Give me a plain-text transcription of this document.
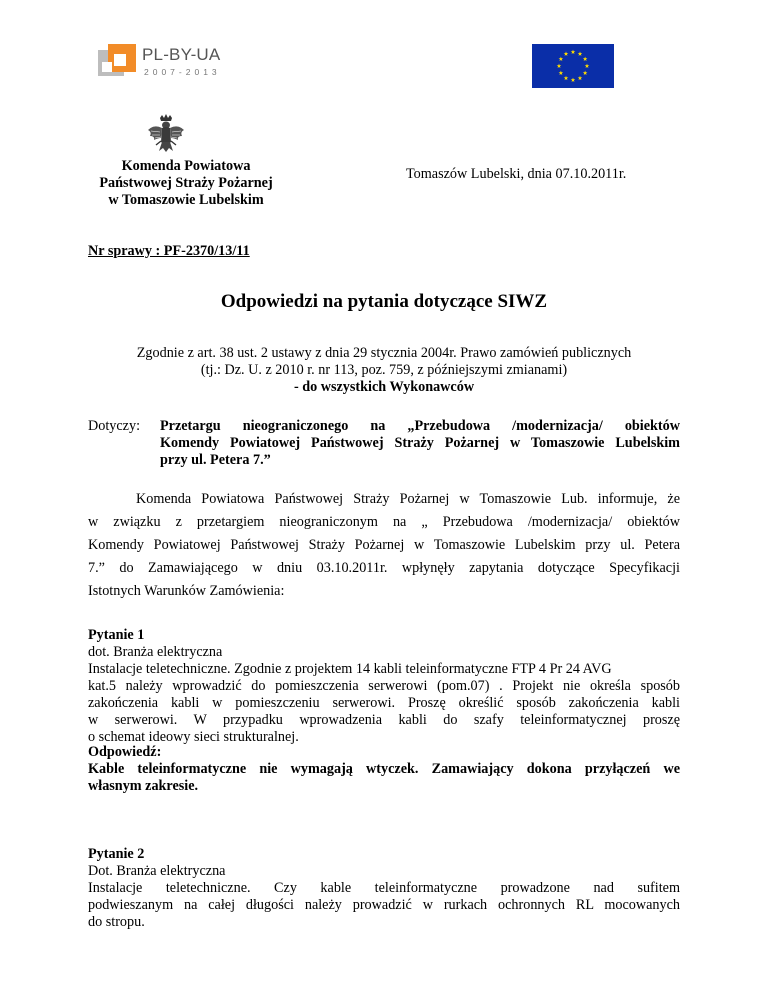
PL-BY-UA
2007-2013
Komenda Powiatowa
Państwowej Straży Pożarnej
w Tomaszowie Lubelskim
Tomaszów Lubelski, dnia 07.10.2011r.
Nr sprawy : PF-2370/13/11
Odpowiedzi na pytania dotyczące SIWZ
Zgodnie z art. 38 ust. 2 ustawy z dnia 29 stycznia 2004r. Prawo zamówień publicznych
(tj.: Dz. U. z 2010 r. nr 113, poz. 759, z późniejszymi zmianami)
- do wszystkich Wykonawców
Dotyczy: Przetargu nieograniczonego na „Przebudowa /modernizacja/ obiektów
Komendy Powiatowej Państwowej Straży Pożarnej w Tomaszowie Lubelskim
przy ul. Petera 7.”
Komenda Powiatowa Państwowej Straży Pożarnej w Tomaszowie Lub. informuje, że
w związku z przetargiem nieograniczonym na „ Przebudowa /modernizacja/ obiektów
Komendy Powiatowej Państwowej Straży Pożarnej w Tomaszowie Lubelskim przy ul. Petera
7.” do Zamawiającego w dniu 03.10.2011r. wpłynęły zapytania dotyczące Specyfikacji
Istotnych Warunków Zamówienia:
Pytanie 1
dot. Branża elektryczna
Instalacje teletechniczne. Zgodnie z projektem 14 kabli teleinformatyczne FTP 4 Pr 24 AVG
kat.5 należy wprowadzić do pomieszczenia serwerowi (pom.07) . Projekt nie określa sposób
zakończenia kabli w pomieszczeniu serwerowi. Proszę określić sposób zakończenia kabli
w serwerowi. W przypadku wprowadzenia kabli do szafy teleinformatycznej proszę
o schemat ideowy sieci strukturalnej.
Odpowiedź:
Kable teleinformatyczne nie wymagają wtyczek. Zamawiający dokona przyłączeń we
własnym zakresie.
Pytanie 2
Dot. Branża elektryczna
Instalacje teletechniczne. Czy kable teleinformatyczne prowadzone nad sufitem
podwieszanym na całej długości należy prowadzić w rurkach ochronnych RL mocowanych
do stropu.
